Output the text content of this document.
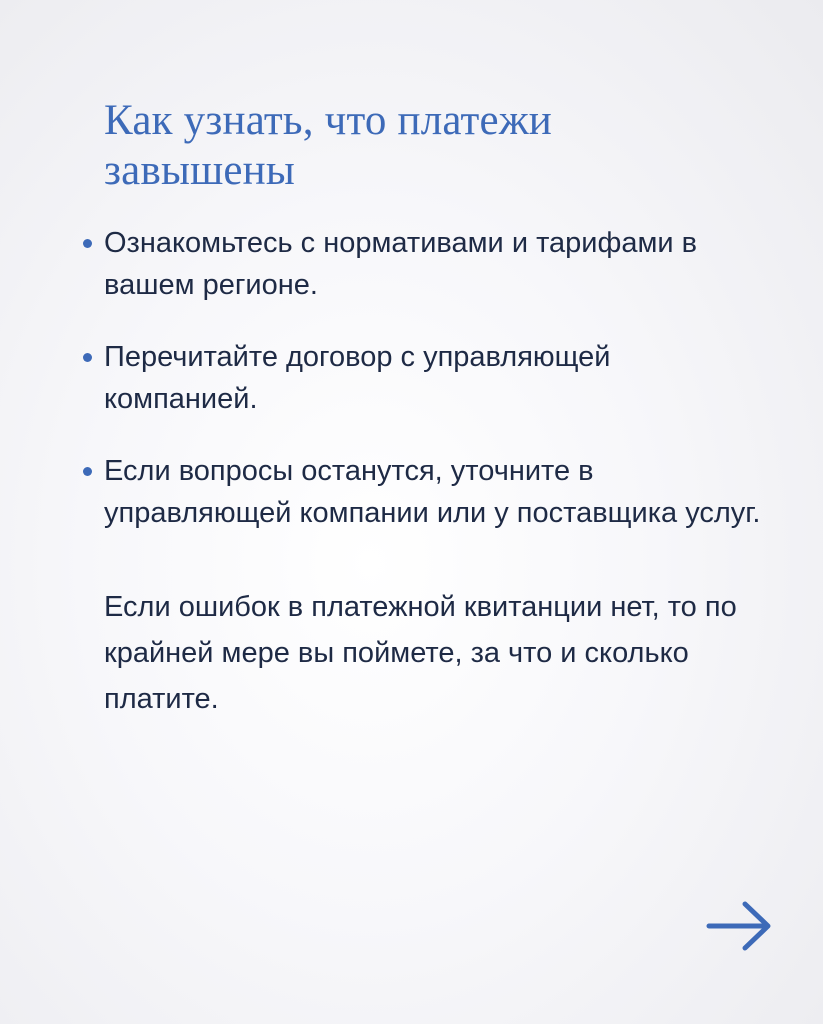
Как узнать, что платежи завышены
Ознакомьтесь с нормативами и тарифами в вашем регионе.
Перечитайте договор с управляющей компанией.
Если вопросы останутся, уточните в управляющей компании или у поставщика услуг.

Если ошибок в платежной квитанции нет, то по крайней мере вы поймете, за что и сколько платите.
